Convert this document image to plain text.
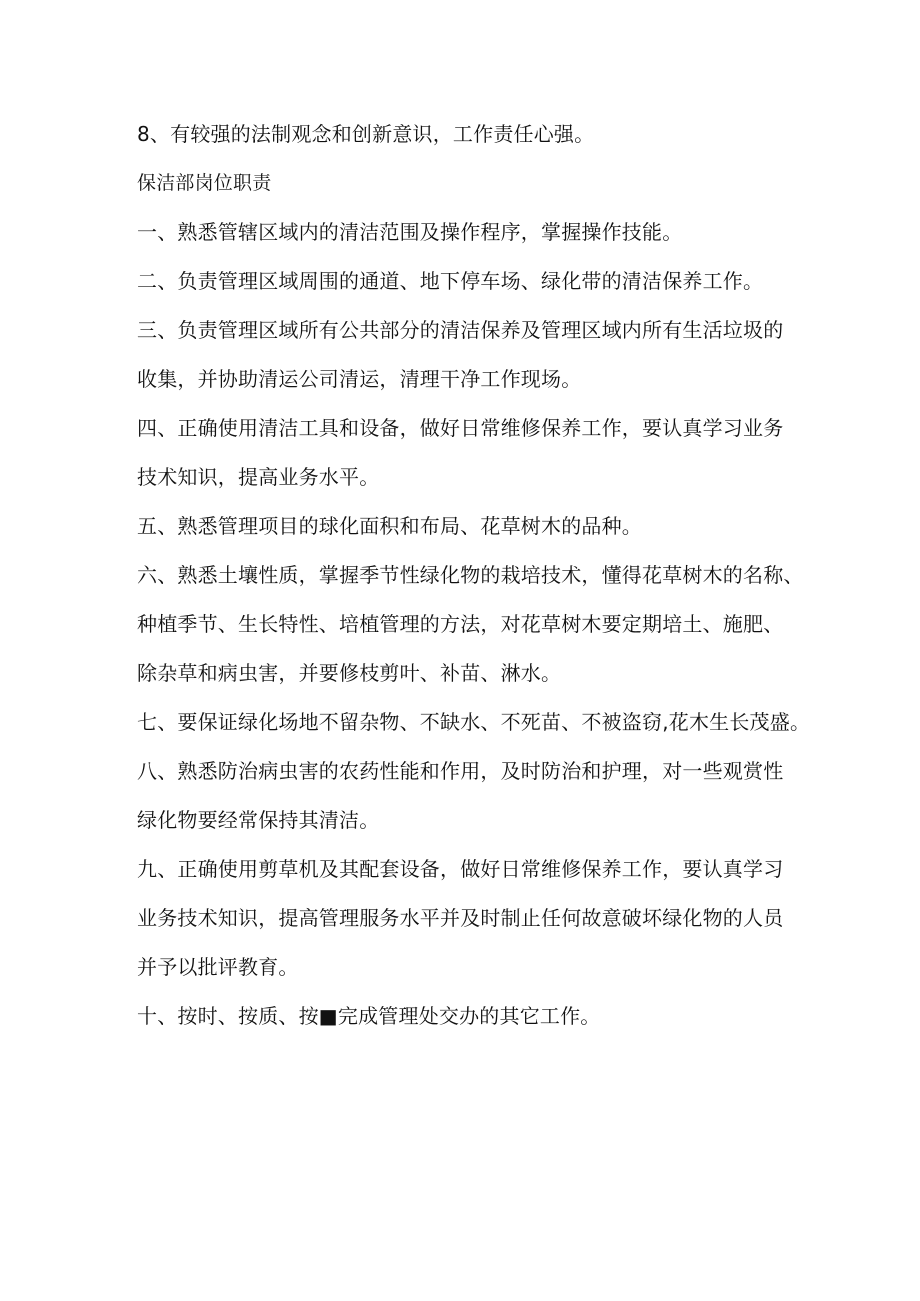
8、有较强的法制观念和创新意识，工作责任心强。
保洁部岗位职责
一、熟悉管辖区域内的清洁范围及操作程序，掌握操作技能。
二、负责管理区域周围的通道、地下停车场、绿化带的清洁保养工作。
三、负责管理区域所有公共部分的清洁保养及管理区域内所有生活垃圾的
收集，并协助清运公司清运，清理干净工作现场。
四、正确使用清洁工具和设备，做好日常维修保养工作，要认真学习业务
技术知识，提高业务水平。
五、熟悉管理项目的球化面积和布局、花草树木的品种。
六、熟悉土壤性质，掌握季节性绿化物的栽培技术，懂得花草树木的名称、
种植季节、生长特性、培植管理的方法，对花草树木要定期培土、施肥、
除杂草和病虫害，并要修枝剪叶、补苗、淋水。
七、要保证绿化场地不留杂物、不缺水、不死苗、不被盗窃,花木生长茂盛。
八、熟悉防治病虫害的农药性能和作用，及时防治和护理，对一些观赏性
绿化物要经常保持其清洁。
九、正确使用剪草机及其配套设备，做好日常维修保养工作，要认真学习
业务技术知识，提高管理服务水平并及时制止任何故意破坏绿化物的人员
并予以批评教育。
十、按时、按质、按■完成管理处交办的其它工作。
